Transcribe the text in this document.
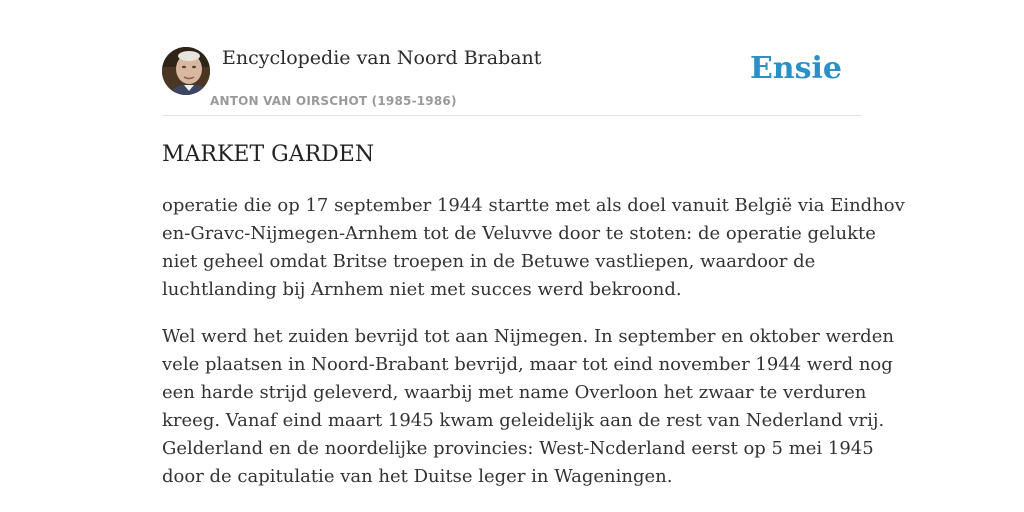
Encyclopedie van Noord Brabant
ANTON VAN OIRSCHOT (1985-1986)
Ensie
MARKET GARDEN

operatie die op 17 september 1944 startte met als doel vanuit België via Eindhov
en-Gravc-Nijmegen-Arnhem tot de Veluvve door te stoten: de operatie gelukte
niet geheel omdat Britse troepen in de Betuwe vastliepen, waardoor de
luchtlanding bij Arnhem niet met succes werd bekroond.

Wel werd het zuiden bevrijd tot aan Nijmegen. In september en oktober werden
vele plaatsen in Noord-Brabant bevrijd, maar tot eind november 1944 werd nog
een harde strijd geleverd, waarbij met name Overloon het zwaar te verduren
kreeg. Vanaf eind maart 1945 kwam geleidelijk aan de rest van Nederland vrij.
Gelderland en de noordelijke provincies: West-Ncderland eerst op 5 mei 1945
door de capitulatie van het Duitse leger in Wageningen.
